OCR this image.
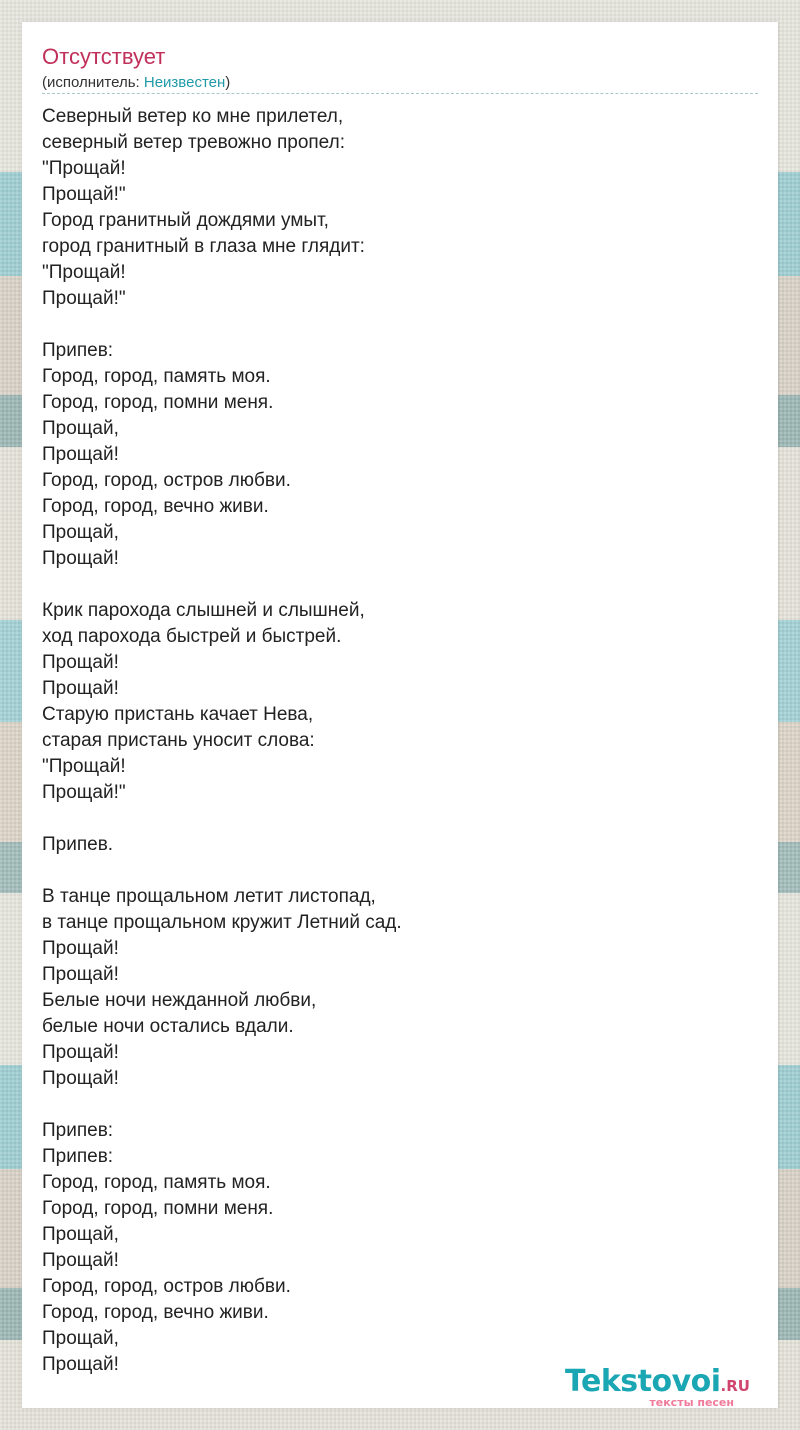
Отсутствует
(исполнитель: Неизвестен)
Северный ветер ко мне прилетел,
северный ветер тревожно пропел:
"Прощай!
Прощай!"
Город гранитный дождями умыт,
город гранитный в глаза мне глядит:
"Прощай!
Прощай!"

Припев:
Город, город, память моя.
Город, город, помни меня.
Прощай,
Прощай!
Город, город, остров любви.
Город, город, вечно живи.
Прощай,
Прощай!

Крик парохода слышней и слышней,
ход парохода быстрей и быстрей.
Прощай!
Прощай!
Старую пристань качает Нева,
старая пристань уносит слова:
"Прощай!
Прощай!"

Припев.

В танце прощальном летит листопад,
в танце прощальном кружит Летний сад.
Прощай!
Прощай!
Белые ночи нежданной любви,
белые ночи остались вдали.
Прощай!
Прощай!

Припев:
Припев:
Город, город, память моя.
Город, город, помни меня.
Прощай,
Прощай!
Город, город, остров любви.
Город, город, вечно живи.
Прощай,
Прощай!	Tekstovoi.RU
тексты песен
